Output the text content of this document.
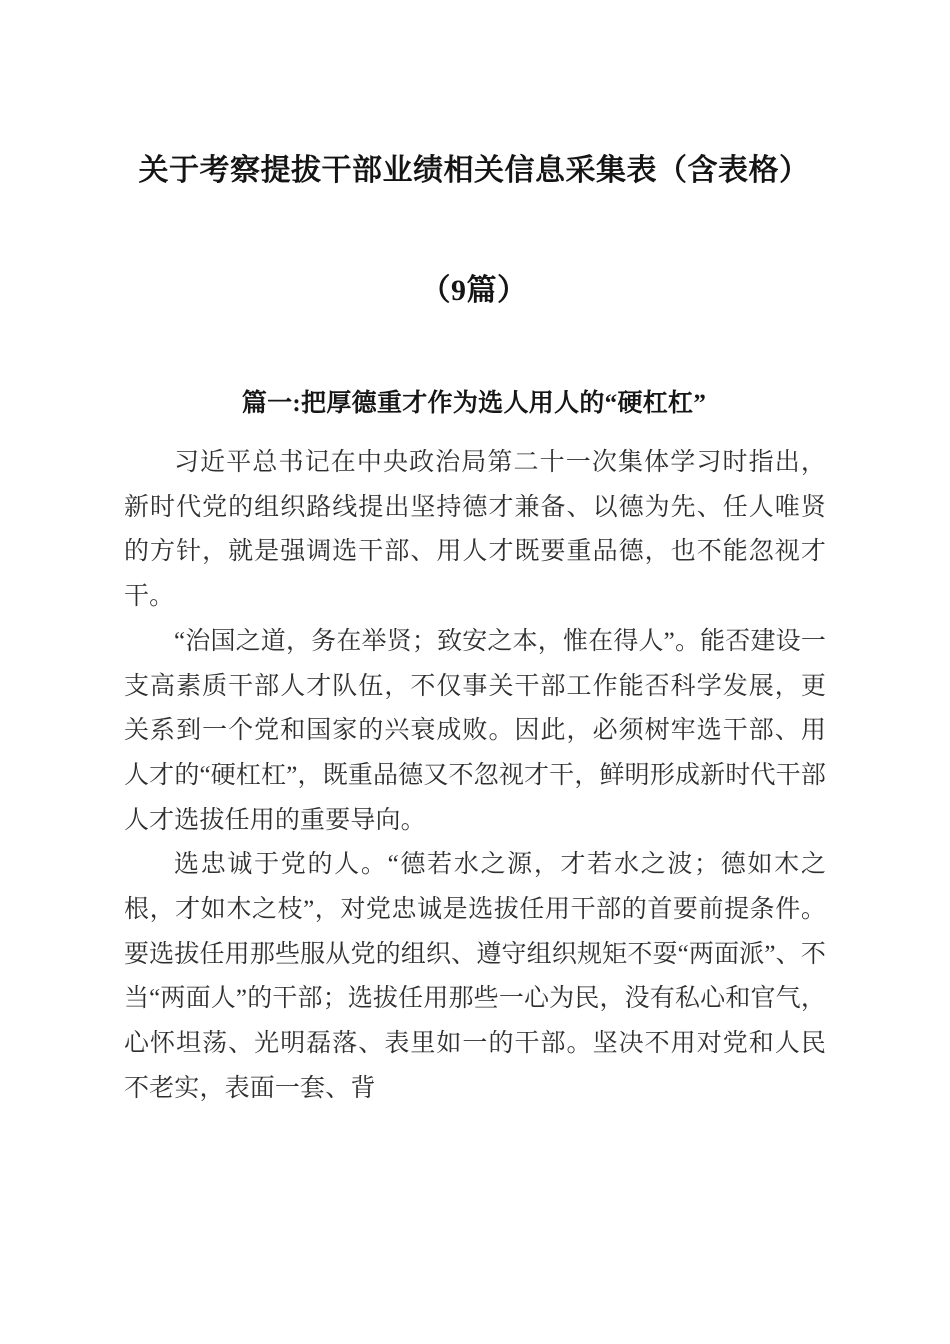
关于考察提拔干部业绩相关信息采集表（含表格）

（9篇）

篇一:把厚德重才作为选人用人的“硬杠杠”

习近平总书记在中央政治局第二十一次集体学习时指出，新时代党的组织路线提出坚持德才兼备、以德为先、任人唯贤的方针，就是强调选干部、用人才既要重品德，也不能忽视才干。

“治国之道，务在举贤；致安之本，惟在得人”。能否建设一支高素质干部人才队伍，不仅事关干部工作能否科学发展，更关系到一个党和国家的兴衰成败。因此，必须树牢选干部、用人才的“硬杠杠”，既重品德又不忽视才干，鲜明形成新时代干部人才选拔任用的重要导向。

选忠诚于党的人。“德若水之源，才若水之波；德如木之根，才如木之枝”，对党忠诚是选拔任用干部的首要前提条件。要选拔任用那些服从党的组织、遵守组织规矩不耍“两面派”、不当“两面人”的干部；选拔任用那些一心为民，没有私心和官气，心怀坦荡、光明磊落、表里如一的干部。坚决不用对党和人民不老实，表面一套、背
